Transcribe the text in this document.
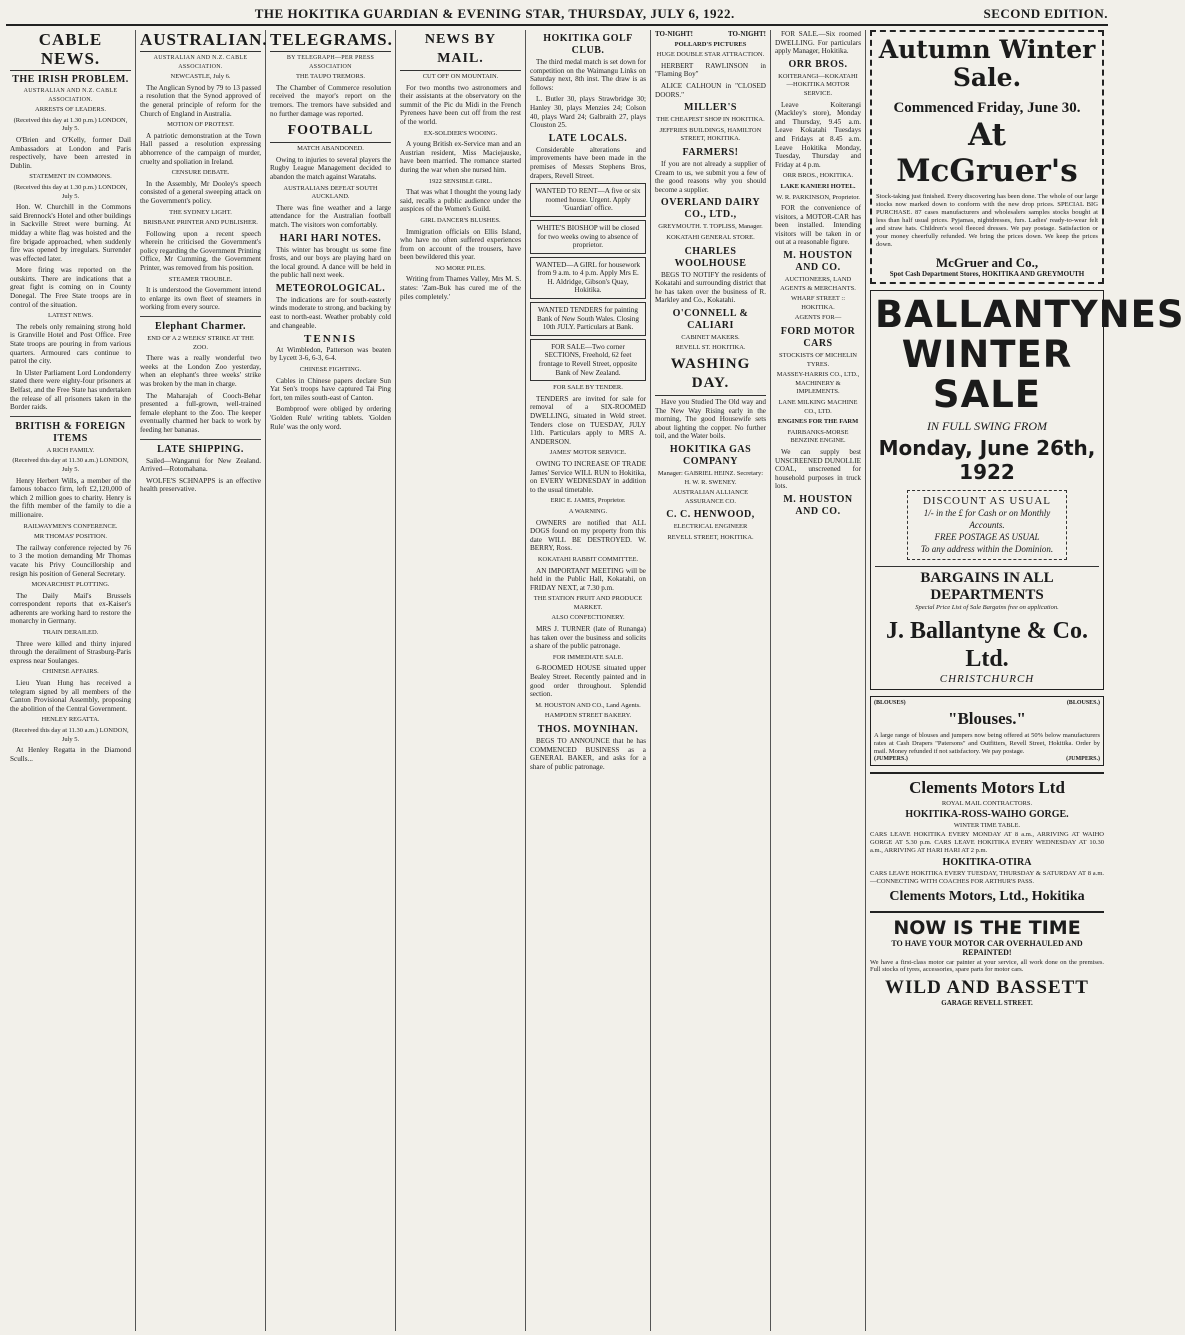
THE HOKITIKA GUARDIAN & EVENING STAR, THURSDAY, JULY 6, 1922.	SECOND EDITION.
CABLE NEWS.
THE IRISH PROBLEM.
AUSTRALIAN AND N.Z. CABLE ASSOCIATION.
ARRESTS OF LEADERS.
(Received this day at 1.30 p.m.) LONDON, July 5.

O'Brien and O'Kelly, former Dail Ambassadors at London and Paris respectively, have been arrested in Dublin.

STATEMENT IN COMMONS.
(Received this day at 1.30 p.m.) LONDON, July 5.

Hon. W. Churchill in the Commons said Brennock's Hotel and other buildings in Sackville Street were burning. At midday a white flag was hoisted and the fire brigade approached, when suddenly fire was opened by irregulars. Surrender was effected later.

More firing was reported on the outskirts. There are indications that a great fight is coming on in County Donegal. The Free State troops are in control of the situation.

LATEST NEWS.

The rebels only remaining strong hold is Granville Hotel and Post Office. Free State troops are pouring in from various quarters. Armoured cars continue to patrol the city.

In Ulster Parliament Lord Londonderry stated there were eighty-four prisoners at Belfast, and the Free State has undertaken the release of all prisoners taken in the Border raids.

BRITISH & FOREIGN ITEMS
A RICH FAMILY.
(Received this day at 11.30 a.m.) LONDON, July 5.

Henry Herbert Wills, a member of the famous tobacco firm, left £2,120,000 of which 2 million goes to charity. Henry is the fifth member of the family to die a millionaire.

RAILWAYMEN'S CONFERENCE.
MR THOMAS' POSITION.

The railway conference rejected by 76 to 3 the motion demanding Mr Thomas vacate his Privy Councillorship and resign his position of General Secretary.

MONARCHIST PLOTTING.

The Daily Mail's Brussels correspondent reports that ex-Kaiser's adherents are working hard to restore the monarchy in Germany.

TRAIN DERAILED.

Three were killed and thirty injured through the derailment of Strasburg-Paris express near Soulanges.

CHINESE AFFAIRS.

Lieu Yuan Hung has received a telegram signed by all members of the Canton Provisional Assembly, proposing the abolition of the Central Government.

HENLEY REGATTA.
(Received this day at 11.30 a.m.) LONDON, July 5.

At Henley Regatta in the Diamond Sculls...

AUSTRALIAN.
AUSTRALIAN AND N.Z. CABLE ASSOCIATION.
NEWCASTLE, July 6.

The Anglican Synod by 79 to 13 passed a resolution that the Synod approved of the general principle of reform for the Church of England in Australia.

MOTION OF PROTEST.

A patriotic demonstration at the Town Hall passed a resolution expressing abhorrence of the campaign of murder, cruelty and spoliation in Ireland.

CENSURE DEBATE.

In the Assembly, Mr Dooley's speech consisted of a general sweeping attack on the Government's policy.

THE SYDNEY LIGHT.
BRISBANE PRINTER AND PUBLISHER.

Following upon a recent speech wherein he criticised the Government's policy regarding the Government Printing Office, Mr Cumming, the Government Printer, was removed from his position.

STEAMER TROUBLE.

It is understood the Government intend to enlarge its own fleet of steamers in working from every source.

Elephant Charmer.
END OF A 2 WEEKS' STRIKE AT THE ZOO.

There was a really wonderful two weeks at the London Zoo yesterday, when an elephant's three weeks' strike was broken by the man in charge.

The Maharajah of Cooch-Behar presented a full-grown, well-trained female elephant to the Zoo. The keeper eventually charmed her back to work by feeding her bananas.

LATE SHIPPING.

Sailed—Wanganui for New Zealand. Arrived—Rotomahana.

WOLFE'S SCHNAPPS is an effective health preservative.

TELEGRAMS.
BY TELEGRAPH—PER PRESS ASSOCIATION
THE TAUPO TREMORS.

The Chamber of Commerce resolution received the mayor's report on the tremors. The tremors have subsided and no further damage was reported.

FOOTBALL
MATCH ABANDONED.

Owing to injuries to several players the Rugby League Management decided to abandon the match against Waratahs.

AUSTRALIANS DEFEAT SOUTH AUCKLAND.

There was fine weather and a large attendance for the Australian football match. The visitors won comfortably.

HARI HARI NOTES.

This winter has brought us some fine frosts, and our boys are playing hard on the local ground. A dance will be held in the public hall next week.

METEOROLOGICAL.

The indications are for south-easterly winds moderate to strong, and backing by east to north-east. Weather probably cold and changeable.

TENNIS

At Wimbledon, Patterson was beaten by Lycett 3-6, 6-3, 6-4.

CHINESE FIGHTING.

Cables in Chinese papers declare Sun Yat Sen's troops have captured Tai Ping fort, ten miles south-east of Canton.

Bombproof were obliged by ordering 'Golden Rule' writing tablets. 'Golden Rule' was the only word.

NEWS BY MAIL.
CUT OFF ON MOUNTAIN.

For two months two astronomers and their assistants at the observatory on the summit of the Pic du Midi in the French Pyrenees have been cut off from the rest of the world.

EX-SOLDIER'S WOOING.

A young British ex-Service man and an Austrian resident, Miss Maciejauske, have been married. The romance started during the war when she nursed him.

1922 SENSIBLE GIRL.

That was what I thought the young lady said, recalls a public audience under the auspices of the Women's Guild.

GIRL DANCER'S BLUSHES.

Immigration officials on Ellis Island, who have no often suffered experiences from on account of the trousers, have been bewildered this year.

NO MORE PILES.

Writing from Thames Valley, Mrs M. S. states: 'Zam-Buk has cured me of the piles completely.'

HOKITIKA GOLF CLUB.

The third medal match is set down for competition on the Waimangu Links on Saturday next, 8th inst. The draw is as follows:

L. Butler 30, plays Strawbridge 30; Hanley 30, plays Menzies 24; Colson 40, plays Ward 24; Galbraith 27, plays Clouston 25.

LATE LOCALS.

Considerable alterations and improvements have been made in the premises of Messrs Stephens Bros, drapers, Revell Street.

WANTED TO RENT—A five or six roomed house. Urgent. Apply 'Guardian' office.
WHITE'S BIOSHOP will be closed for two weeks owing to absence of proprietor.
WANTED—A GIRL for housework from 9 a.m. to 4 p.m. Apply Mrs E. H. Aldridge, Gibson's Quay, Hokitika.
WANTED TENDERS for painting Bank of New South Wales. Closing 10th JULY. Particulars at Bank.
FOR SALE—Two corner SECTIONS, Freehold, 62 feet frontage to Revell Street, opposite Bank of New Zealand.
FOR SALE BY TENDER.

TENDERS are invited for sale for removal of a SIX-ROOMED DWELLING, situated in Weld street. Tenders close on TUESDAY, JULY 11th. Particulars apply to MRS A. ANDERSON.

JAMES' MOTOR SERVICE.

OWING TO INCREASE OF TRADE James' Service WILL RUN to Hokitika, on EVERY WEDNESDAY in addition to the usual timetable.

ERIC E. JAMES, Proprietor.
A WARNING.

OWNERS are notified that ALL DOGS found on my property from this date WILL BE DESTROYED. W. BERRY, Ross.

KOKATAHI RABBIT COMMITTEE.

AN IMPORTANT MEETING will be held in the Public Hall, Kokatahi, on FRIDAY NEXT, at 7.30 p.m.

THE STATION FRUIT AND PRODUCE MARKET.
ALSO CONFECTIONERY.

MRS J. TURNER (late of Runanga) has taken over the business and solicits a share of the public patronage.

FOR IMMEDIATE SALE.

6-ROOMED HOUSE situated upper Bealey Street. Recently painted and in good order throughout. Splendid section.

M. HOUSTON AND CO., Land Agents.
HAMPDEN STREET BAKERY.
THOS. MOYNIHAN.

BEGS TO ANNOUNCE that he has COMMENCED BUSINESS as a GENERAL BAKER, and asks for a share of public patronage.

TO-NIGHT!	TO-NIGHT!
POLLARD'S PICTURES
HUGE DOUBLE STAR ATTRACTION.

HERBERT RAWLINSON in "Flaming Boy"

ALICE CALHOUN in "CLOSED DOORS."

MILLER'S
THE CHEAPEST SHOP IN HOKITIKA.
JEFFRIES BUILDINGS, HAMILTON STREET, HOKITIKA.
FARMERS!

If you are not already a supplier of Cream to us, we submit you a few of the good reasons why you should become a supplier.

OVERLAND DAIRY CO., LTD.,
GREYMOUTH. T. TOPLISS, Manager.
KOKATAHI GENERAL STORE.
CHARLES WOOLHOUSE

BEGS TO NOTIFY the residents of Kokatahi and surrounding district that he has taken over the business of R. Markley and Co., Kokatahi.

O'CONNELL & CALIARI
CABINET MAKERS.
REVELL ST. HOKITIKA.
WASHING DAY.

Have you Studied The Old way and The New Way Rising early in the morning, The good Housewife sets about lighting the copper. No further toil, and the Water boils.

HOKITIKA GAS COMPANY
Manager: GABRIEL HEINZ. Secretary: H. W. R. SWENEY.
AUSTRALIAN ALLIANCE ASSURANCE CO.
C. C. HENWOOD,
ELECTRICAL ENGINEER
REVELL STREET, HOKITIKA.

FOR SALE.—Six roomed DWELLING. For particulars apply Manager, Hokitika.

ORR BROS.
KOITERANGI—KOKATAHI—HOKITIKA MOTOR SERVICE.

Leave Koiterangi (Mackley's store), Monday and Thursday, 9.45 a.m. Leave Kokatahi Tuesdays and Fridays at 8.45 a.m. Leave Hokitika Monday, Tuesday, Thursday and Friday at 4 p.m.

ORR BROS., HOKITIKA.
LAKE KANIERI HOTEL.
W. R. PARKINSON, Proprietor.

FOR the convenience of visitors, a MOTOR-CAR has been installed. Intending visitors will be taken in or out at a reasonable figure.

M. HOUSTON AND CO.
AUCTIONEERS, LAND AGENTS & MERCHANTS.
WHARF STREET :: HOKITIKA.
AGENTS FOR—
FORD MOTOR CARS
STOCKISTS OF MICHELIN TYRES.
MASSEY-HARRIS CO., LTD., MACHINERY & IMPLEMENTS.
LANE MILKING MACHINE CO., LTD.
ENGINES FOR THE FARM
FAIRBANKS-MORSE BENZINE ENGINE.

We can supply best UNSCREENED DUNOLLIE COAL, unscreened for household purposes in truck lots.

M. HOUSTON AND CO.
Autumn Winter Sale.
Commenced Friday, June 30.
At McGruer's
Stock-taking just finished. Every discovering has been done. The whole of our large stocks now marked down to conform with the new drop prices. SPECIAL BIG PURCHASE. 87 cases manufacturers and wholesalers samples stocks bought at less than half usual prices. Pyjamas, nightdresses, furs. Ladies' ready-to-wear felt and straw hats. Children's wool fleeced dresses. We pay postage. Satisfaction or your money cheerfully refunded. We bring the prices down. We keep the prices down.
McGruer and Co.,
Spot Cash Department Stores, HOKITIKA AND GREYMOUTH
BALLANTYNES WINTER SALE
IN FULL SWING FROM
Monday, June 26th, 1922
DISCOUNT AS USUAL
1/- in the £ for Cash or on Monthly Accounts.
FREE POSTAGE AS USUAL
To any address within the Dominion.
BARGAINS IN ALL DEPARTMENTS
Special Price List of Sale Bargains free on application.
J. Ballantyne & Co. Ltd.
CHRISTCHURCH
(BLOUSES)	(BLOUSES.)
"Blouses."
A large range of blouses and jumpers now being offered at 50% below manufacturers rates at Cash Drapers "Patersons" and Outfitters, Revell Street, Hokitika. Order by mail. Money refunded if not satisfactory. We pay postage.
(JUMPERS.)	(JUMPERS.)
Clements Motors Ltd
ROYAL MAIL CONTRACTORS.
HOKITIKA-ROSS-WAIHO GORGE.
WINTER TIME TABLE.
CARS LEAVE HOKITIKA EVERY MONDAY AT 8 a.m., ARRIVING AT WAIHO GORGE AT 5.30 p.m. CARS LEAVE HOKITIKA EVERY WEDNESDAY AT 10.30 a.m., ARRIVING AT HARI HARI AT 2 p.m.
HOKITIKA-OTIRA
CARS LEAVE HOKITIKA EVERY TUESDAY, THURSDAY & SATURDAY AT 8 a.m.—CONNECTING WITH COACHES FOR ARTHUR'S PASS.
Clements Motors, Ltd., Hokitika
NOW IS THE TIME
TO HAVE YOUR MOTOR CAR OVERHAULED AND REPAINTED!
We have a first-class motor car painter at your service, all work done on the premises. Full stocks of tyres, accessories, spare parts for motor cars.
WILD AND BASSETT
GARAGE REVELL STREET.
